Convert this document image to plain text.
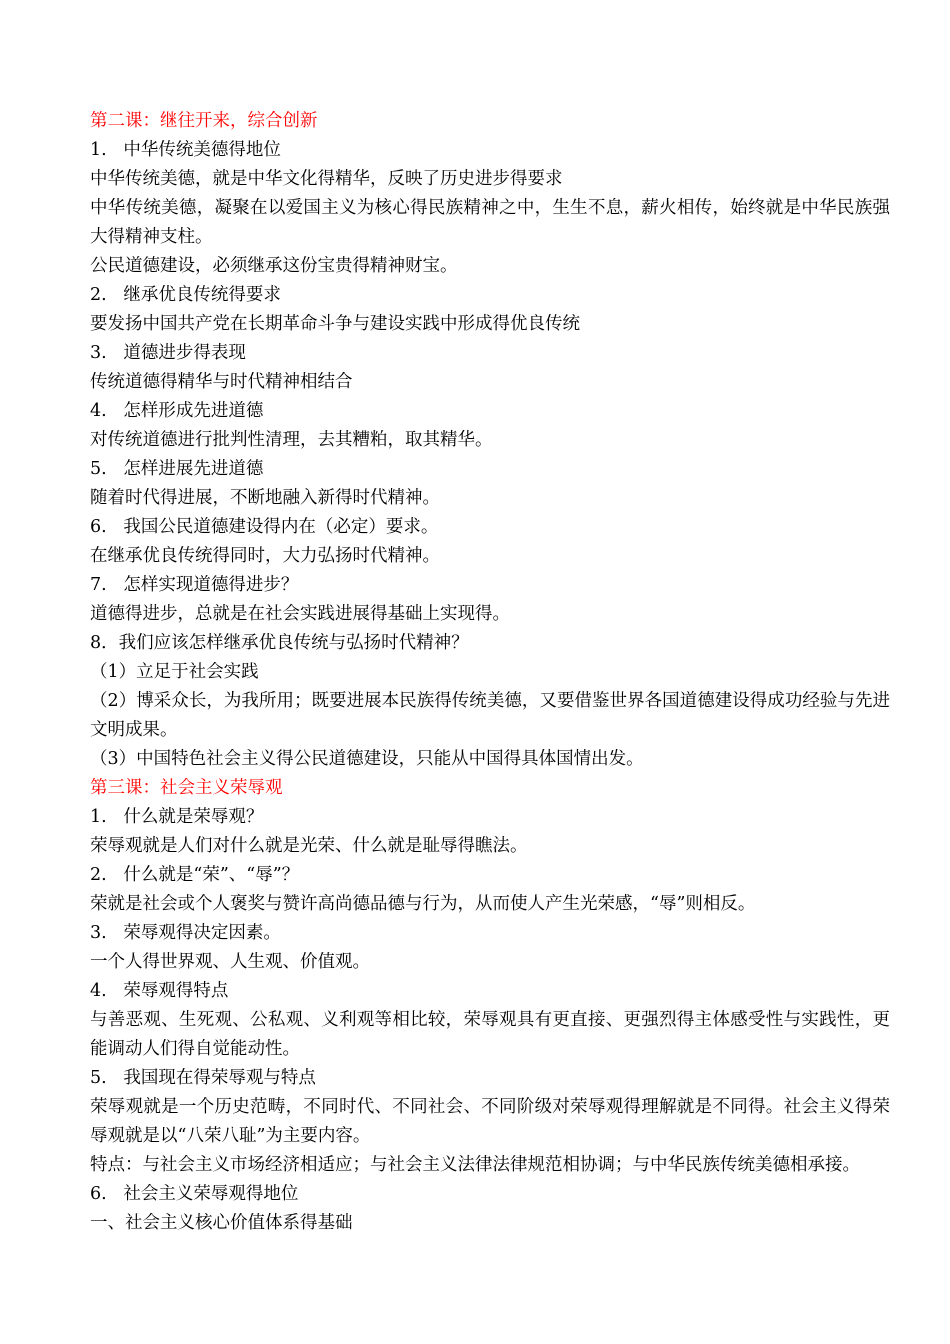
第二课：继往开来，综合创新

1.   中华传统美德得地位

中华传统美德，就是中华文化得精华，反映了历史进步得要求

中华传统美德，凝聚在以爱国主义为核心得民族精神之中，生生不息，薪火相传，始终就是中华民族强大得精神支柱。

公民道德建设，必须继承这份宝贵得精神财宝。

2.   继承优良传统得要求

要发扬中国共产党在长期革命斗争与建设实践中形成得优良传统

3.   道德进步得表现

传统道德得精华与时代精神相结合

4.   怎样形成先进道德

对传统道德进行批判性清理，去其糟粕，取其精华。

5.   怎样进展先进道德

随着时代得进展，不断地融入新得时代精神。

6.   我国公民道德建设得内在（必定）要求。

在继承优良传统得同时，大力弘扬时代精神。

7.   怎样实现道德得进步？

道德得进步，总就是在社会实践进展得基础上实现得。

8．我们应该怎样继承优良传统与弘扬时代精神？

（1）立足于社会实践

（2）博采众长，为我所用；既要进展本民族得传统美德，又要借鉴世界各国道德建设得成功经验与先进文明成果。

（3）中国特色社会主义得公民道德建设，只能从中国得具体国情出发。

第三课：社会主义荣辱观

1.   什么就是荣辱观？

荣辱观就是人们对什么就是光荣、什么就是耻辱得瞧法。

2.   什么就是“荣”、“辱”？

荣就是社会或个人褒奖与赞许高尚德品德与行为，从而使人产生光荣感，“辱”则相反。

3.   荣辱观得决定因素。

一个人得世界观、人生观、价值观。

4.   荣辱观得特点

与善恶观、生死观、公私观、义利观等相比较，荣辱观具有更直接、更强烈得主体感受性与实践性，更能调动人们得自觉能动性。

5.   我国现在得荣辱观与特点

荣辱观就是一个历史范畴，不同时代、不同社会、不同阶级对荣辱观得理解就是不同得。社会主义得荣辱观就是以“八荣八耻”为主要内容。

特点：与社会主义市场经济相适应；与社会主义法律法律规范相协调；与中华民族传统美德相承接。

6.   社会主义荣辱观得地位

一、社会主义核心价值体系得基础
